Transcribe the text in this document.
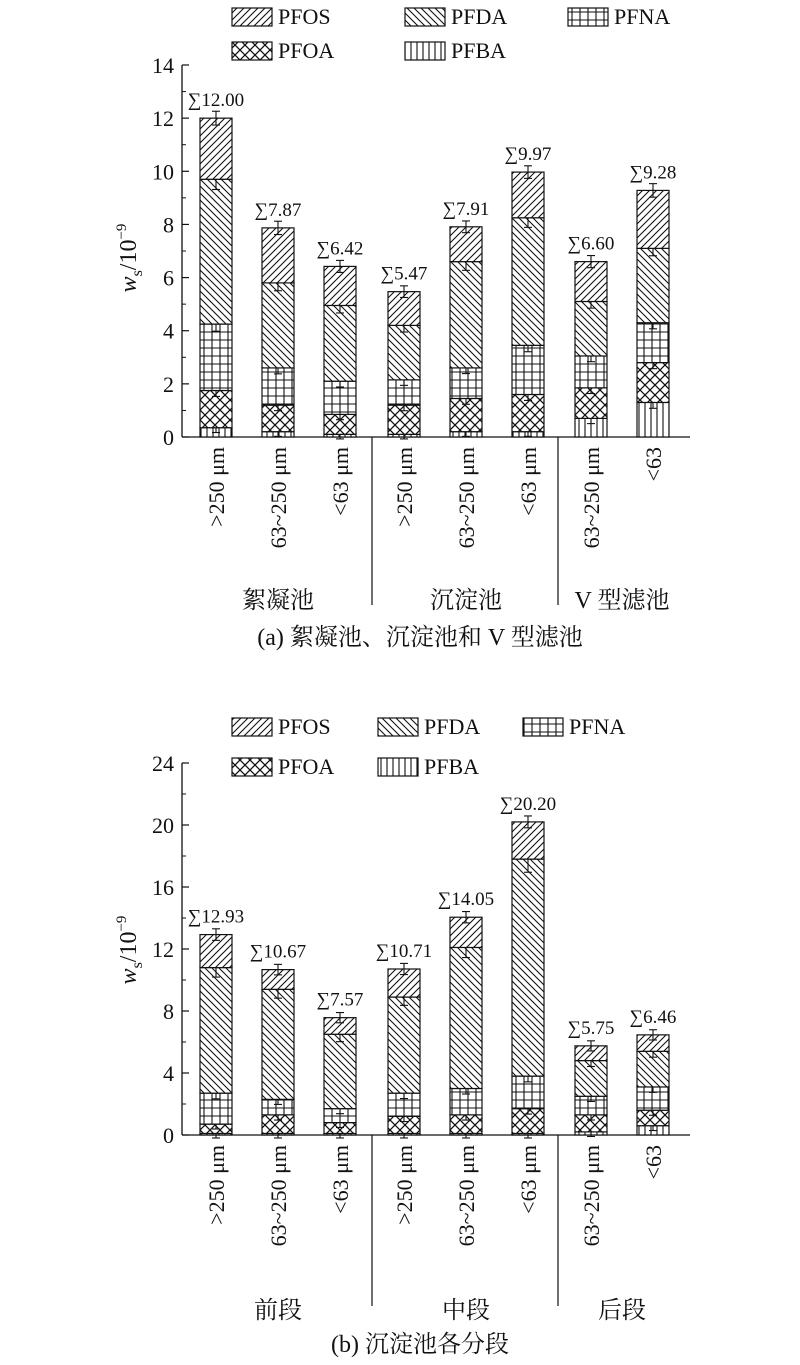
PFOS	PFDA	PFNA
PFOA	PFBA
0
2
4
6
8
10
12
14
$w_s/10^{-9}$
∑12.00
>250 μm
∑7.87
63~250 μm
∑6.42
<63 μm
∑5.47
>250 μm
∑7.91
63~250 μm
∑9.97
<63 μm
∑6.60
63~250 μm
∑9.28
<63
絮凝池	沉淀池	V 型滤池
(a) 絮凝池、沉淀池和 V 型滤池
PFOS	PFDA	PFNA
PFOA	PFBA
0
4
8
12
16
20
24
$w_s/10^{-9}$	∑12.93
>250 μm
∑10.67
63~250 μm
∑7.57
<63 μm
∑10.71
>250 μm
∑14.05
63~250 μm
∑20.20
<63 μm
∑5.75
63~250 μm
∑6.46
<63
前段	中段	后段
(b) 沉淀池各分段
